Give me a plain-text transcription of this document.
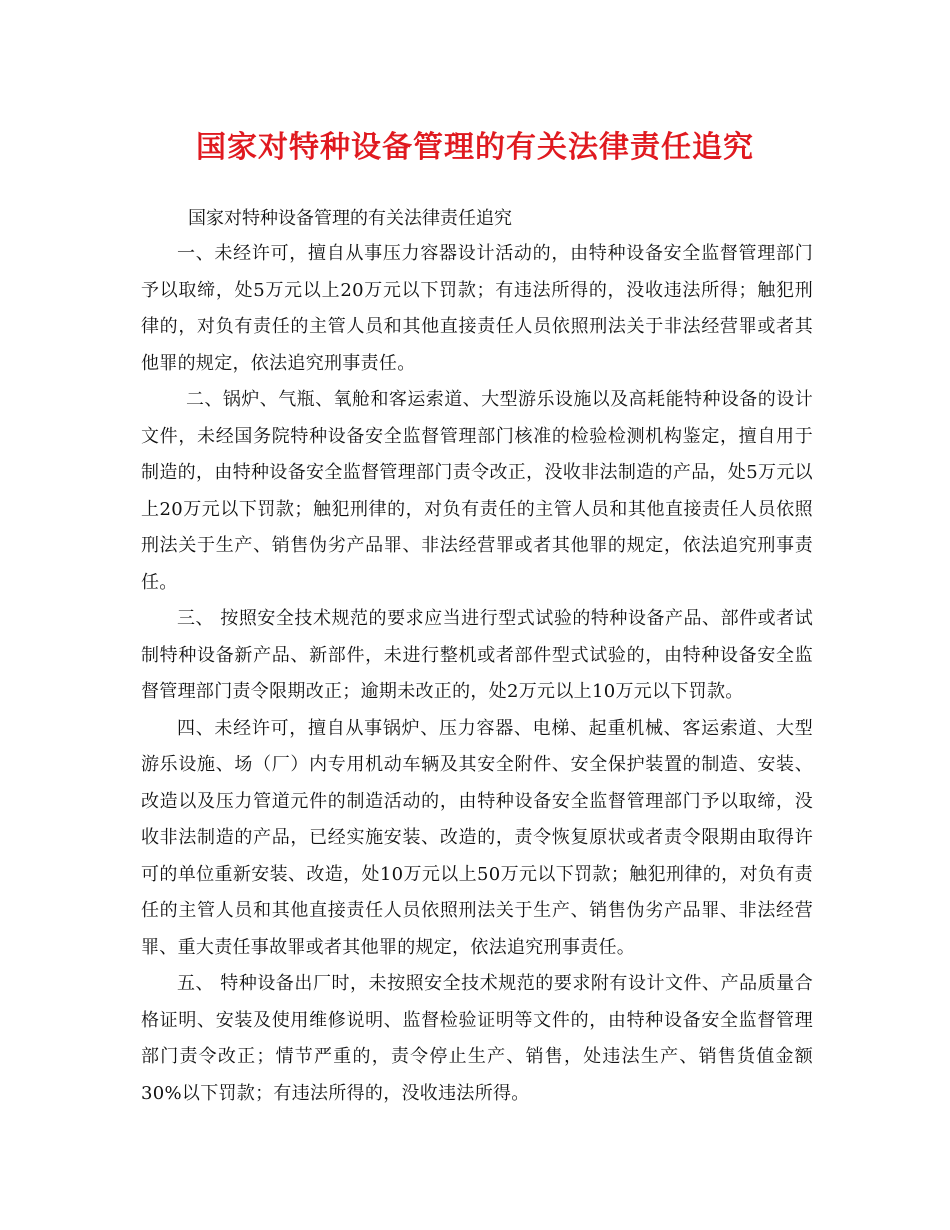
国家对特种设备管理的有关法律责任追究
国家对特种设备管理的有关法律责任追究

一、未经许可，擅自从事压力容器设计活动的，由特种设备安全监督管理部门予以取缔，处5万元以上20万元以下罚款；有违法所得的，没收违法所得；触犯刑律的，对负有责任的主管人员和其他直接责任人员依照刑法关于非法经营罪或者其他罪的规定，依法追究刑事责任。

二、锅炉、气瓶、氧舱和客运索道、大型游乐设施以及高耗能特种设备的设计文件，未经国务院特种设备安全监督管理部门核准的检验检测机构鉴定，擅自用于制造的，由特种设备安全监督管理部门责令改正，没收非法制造的产品，处5万元以上20万元以下罚款；触犯刑律的，对负有责任的主管人员和其他直接责任人员依照刑法关于生产、销售伪劣产品罪、非法经营罪或者其他罪的规定，依法追究刑事责任。

三、 按照安全技术规范的要求应当进行型式试验的特种设备产品、部件或者试制特种设备新产品、新部件，未进行整机或者部件型式试验的，由特种设备安全监督管理部门责令限期改正；逾期未改正的，处2万元以上10万元以下罚款。

四、未经许可，擅自从事锅炉、压力容器、电梯、起重机械、客运索道、大型游乐设施、场（厂）内专用机动车辆及其安全附件、安全保护装置的制造、安装、改造以及压力管道元件的制造活动的，由特种设备安全监督管理部门予以取缔，没收非法制造的产品，已经实施安装、改造的，责令恢复原状或者责令限期由取得许可的单位重新安装、改造，处10万元以上50万元以下罚款；触犯刑律的，对负有责任的主管人员和其他直接责任人员依照刑法关于生产、销售伪劣产品罪、非法经营罪、重大责任事故罪或者其他罪的规定，依法追究刑事责任。

五、 特种设备出厂时，未按照安全技术规范的要求附有设计文件、产品质量合格证明、安装及使用维修说明、监督检验证明等文件的，由特种设备安全监督管理部门责令改正；情节严重的，责令停止生产、销售，处违法生产、销售货值金额30%以下罚款；有违法所得的，没收违法所得。
